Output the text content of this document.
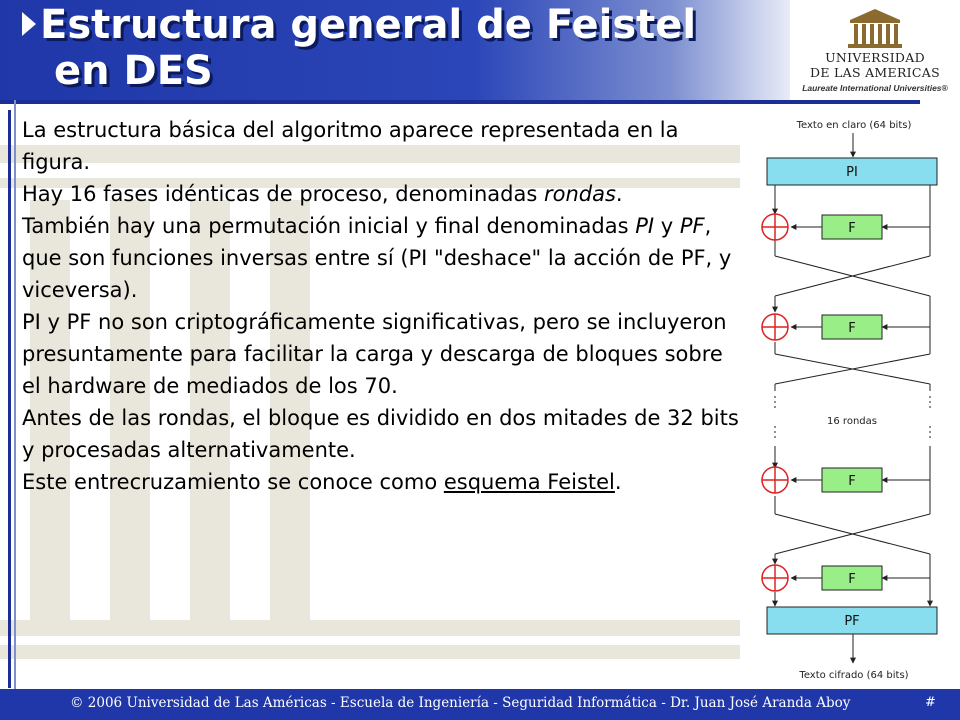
Estructura general de Feistel
en DES	UNIVERSIDAD
DE LAS AMERICAS
Laureate International Universities®

La estructura básica del algoritmo aparece representada en la figura.

Hay 16 fases idénticas de proceso, denominadas rondas.

También hay una permutación inicial y final denominadas PI y PF, que son funciones inversas entre sí (PI "deshace" la acción de PF, y viceversa).

PI y PF no son criptográficamente significativas, pero se incluyeron presuntamente para facilitar la carga y descarga de bloques sobre el hardware de mediados de los 70.

Antes de las rondas, el bloque es dividido en dos mitades de 32 bits y procesadas alternativamente.

Este entrecruzamiento se conoce como esquema Feistel.

Texto en claro (64 bits)
PI
F
F
16 rondas
F
F
PF
Texto cifrado (64 bits)
© 2006 Universidad de Las Américas - Escuela de Ingeniería - Seguridad Informática - Dr. Juan José Aranda Aboy	#
